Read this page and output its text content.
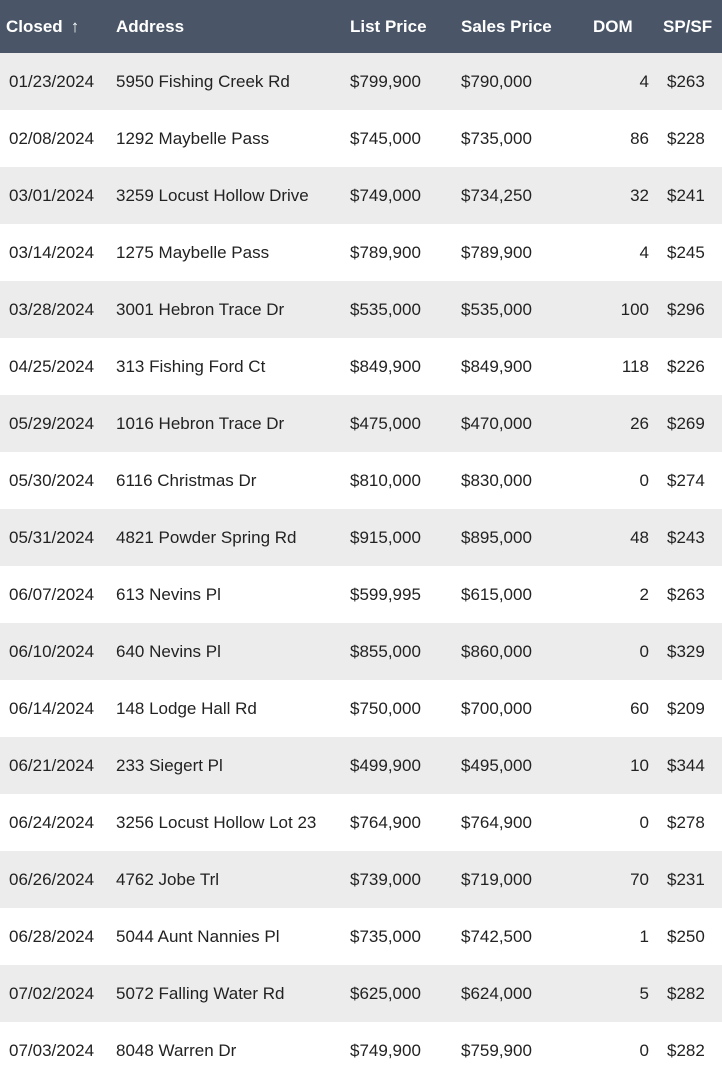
Closed ↑	Address	List Price	Sales Price	DOM	SP/SF
01/23/2024	5950 Fishing Creek Rd	$799,900	$790,000	4	$263
02/08/2024	1292 Maybelle Pass	$745,000	$735,000	86	$228
03/01/2024	3259 Locust Hollow Drive	$749,000	$734,250	32	$241
03/14/2024	1275 Maybelle Pass	$789,900	$789,900	4	$245
03/28/2024	3001 Hebron Trace Dr	$535,000	$535,000	100	$296
04/25/2024	313 Fishing Ford Ct	$849,900	$849,900	118	$226
05/29/2024	1016 Hebron Trace Dr	$475,000	$470,000	26	$269
05/30/2024	6116 Christmas Dr	$810,000	$830,000	0	$274
05/31/2024	4821 Powder Spring Rd	$915,000	$895,000	48	$243
06/07/2024	613 Nevins Pl	$599,995	$615,000	2	$263
06/10/2024	640 Nevins Pl	$855,000	$860,000	0	$329
06/14/2024	148 Lodge Hall Rd	$750,000	$700,000	60	$209
06/21/2024	233 Siegert Pl	$499,900	$495,000	10	$344
06/24/2024	3256 Locust Hollow Lot 23	$764,900	$764,900	0	$278
06/26/2024	4762 Jobe Trl	$739,000	$719,000	70	$231
06/28/2024	5044 Aunt Nannies Pl	$735,000	$742,500	1	$250
07/02/2024	5072 Falling Water Rd	$625,000	$624,000	5	$282
07/03/2024	8048 Warren Dr	$749,900	$759,900	0	$282
